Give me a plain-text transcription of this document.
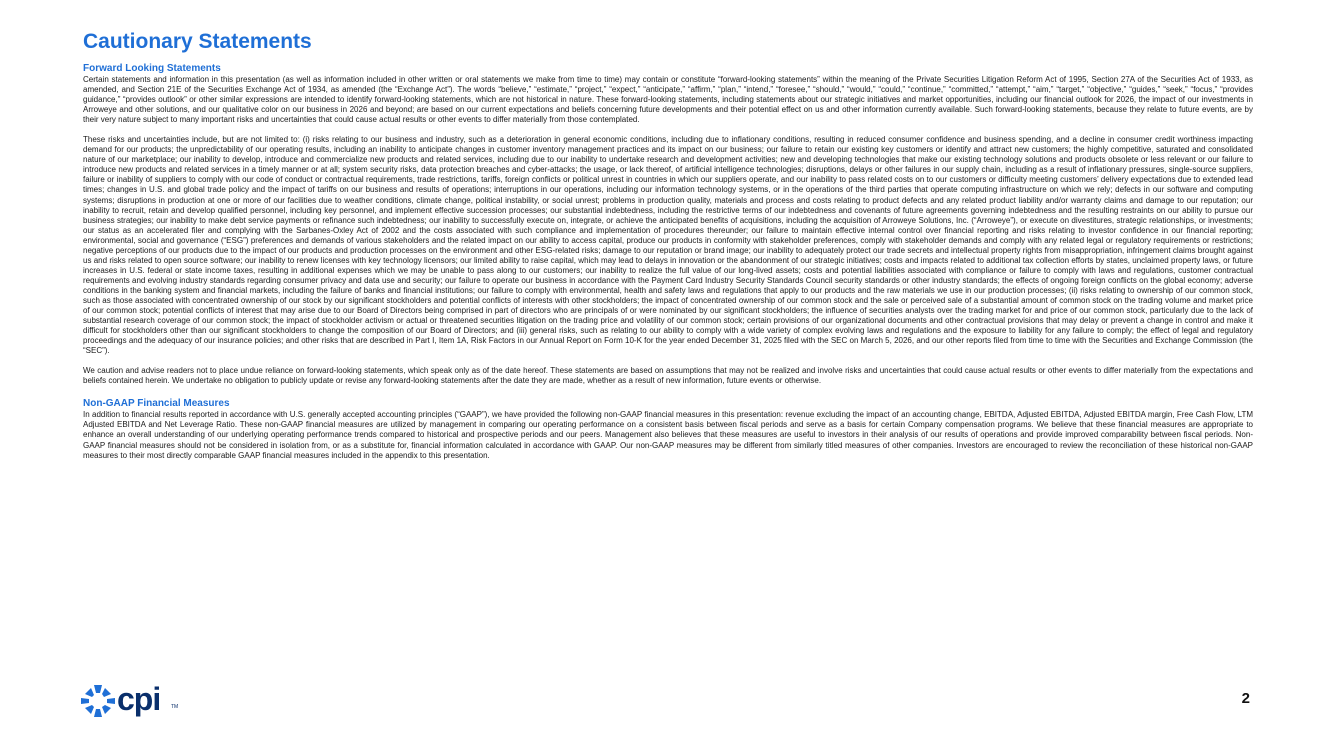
Cautionary Statements

Forward Looking Statements

Certain statements and information in this presentation (as well as information included in other written or oral statements we make from time to time) may contain or constitute “forward-looking statements” within the meaning of the Private Securities Litigation Reform Act of 1995, Section 27A of the Securities Act of 1933, as amended, and Section 21E of the Securities Exchange Act of 1934, as amended (the “Exchange Act”). The words “believe,” “estimate,” “project,” “expect,” “anticipate,” “affirm,” “plan,” “intend,” “foresee,” “should,” “would,” “could,” “continue,” “committed,” “attempt,” “aim,” “target,” “objective,” “guides,” “seek,” “focus,” “provides guidance,” “provides outlook” or other similar expressions are intended to identify forward-looking statements, which are not historical in nature. These forward-looking statements, including statements about our strategic initiatives and market opportunities, including our financial outlook for 2026, the impact of our investments in Arroweye and other solutions, and our qualitative color on our business in 2026 and beyond; are based on our current expectations and beliefs concerning future developments and their potential effect on us and other information currently available. Such forward-looking statements, because they relate to future events, are by their very nature subject to many important risks and uncertainties that could cause actual results or other events to differ materially from those contemplated.

These risks and uncertainties include, but are not limited to: (i) risks relating to our business and industry, such as a deterioration in general economic conditions, including due to inflationary conditions, resulting in reduced consumer confidence and business spending, and a decline in consumer credit worthiness impacting demand for our products; the unpredictability of our operating results, including an inability to anticipate changes in customer inventory management practices and its impact on our business; our failure to retain our existing key customers or identify and attract new customers; the highly competitive, saturated and consolidated nature of our marketplace; our inability to develop, introduce and commercialize new products and related services, including due to our inability to undertake research and development activities; new and developing technologies that make our existing technology solutions and products obsolete or less relevant or our failure to introduce new products and related services in a timely manner or at all; system security risks, data protection breaches and cyber-attacks; the usage, or lack thereof, of artificial intelligence technologies; disruptions, delays or other failures in our supply chain, including as a result of inflationary pressures, single-source suppliers, failure or inability of suppliers to comply with our code of conduct or contractual requirements, trade restrictions, tariffs, foreign conflicts or political unrest in countries in which our suppliers operate, and our inability to pass related costs on to our customers or difficulty meeting customers’ delivery expectations due to extended lead times; changes in U.S. and global trade policy and the impact of tariffs on our business and results of operations; interruptions in our operations, including our information technology systems, or in the operations of the third parties that operate computing infrastructure on which we rely; defects in our software and computing systems; disruptions in production at one or more of our facilities due to weather conditions, climate change, political instability, or social unrest; problems in production quality, materials and process and costs relating to product defects and any related product liability and/or warranty claims and damage to our reputation; our inability to recruit, retain and develop qualified personnel, including key personnel, and implement effective succession processes; our substantial indebtedness, including the restrictive terms of our indebtedness and covenants of future agreements governing indebtedness and the resulting restraints on our ability to pursue our business strategies; our inability to make debt service payments or refinance such indebtedness; our inability to successfully execute on, integrate, or achieve the anticipated benefits of acquisitions, including the acquisition of Arroweye Solutions, Inc. (“Arroweye”), or execute on divestitures, strategic relationships, or investments; our status as an accelerated filer and complying with the Sarbanes-Oxley Act of 2002 and the costs associated with such compliance and implementation of procedures thereunder; our failure to maintain effective internal control over financial reporting and risks relating to investor confidence in our financial reporting; environmental, social and governance (“ESG”) preferences and demands of various stakeholders and the related impact on our ability to access capital, produce our products in conformity with stakeholder preferences, comply with stakeholder demands and comply with any related legal or regulatory requirements or restrictions; negative perceptions of our products due to the impact of our products and production processes on the environment and other ESG-related risks; damage to our reputation or brand image; our inability to adequately protect our trade secrets and intellectual property rights from misappropriation, infringement claims brought against us and risks related to open source software; our inability to renew licenses with key technology licensors; our limited ability to raise capital, which may lead to delays in innovation or the abandonment of our strategic initiatives; costs and impacts related to additional tax collection efforts by states, unclaimed property laws, or future increases in U.S. federal or state income taxes, resulting in additional expenses which we may be unable to pass along to our customers; our inability to realize the full value of our long-lived assets; costs and potential liabilities associated with compliance or failure to comply with laws and regulations, customer contractual requirements and evolving industry standards regarding consumer privacy and data use and security; our failure to operate our business in accordance with the Payment Card Industry Security Standards Council security standards or other industry standards; the effects of ongoing foreign conflicts on the global economy; adverse conditions in the banking system and financial markets, including the failure of banks and financial institutions; our failure to comply with environmental, health and safety laws and regulations that apply to our products and the raw materials we use in our production processes; (ii) risks relating to ownership of our common stock, such as those associated with concentrated ownership of our stock by our significant stockholders and potential conflicts of interests with other stockholders; the impact of concentrated ownership of our common stock and the sale or perceived sale of a substantial amount of common stock on the trading volume and market price of our common stock; potential conflicts of interest that may arise due to our Board of Directors being comprised in part of directors who are principals of or were nominated by our significant stockholders; the influence of securities analysts over the trading market for and price of our common stock, particularly due to the lack of substantial research coverage of our common stock; the impact of stockholder activism or actual or threatened securities litigation on the trading price and volatility of our common stock; certain provisions of our organizational documents and other contractual provisions that may delay or prevent a change in control and make it difficult for stockholders other than our significant stockholders to change the composition of our Board of Directors; and (iii) general risks, such as relating to our ability to comply with a wide variety of complex evolving laws and regulations and the exposure to liability for any failure to comply; the effect of legal and regulatory proceedings and the adequacy of our insurance policies; and other risks that are described in Part I, Item 1A, Risk Factors in our Annual Report on Form 10-K for the year ended December 31, 2025 filed with the SEC on March 5, 2026, and our other reports filed from time to time with the Securities and Exchange Commission (the “SEC”).

We caution and advise readers not to place undue reliance on forward-looking statements, which speak only as of the date hereof. These statements are based on assumptions that may not be realized and involve risks and uncertainties that could cause actual results or other events to differ materially from the expectations and beliefs contained herein. We undertake no obligation to publicly update or revise any forward-looking statements after the date they are made, whether as a result of new information, future events or otherwise.

Non-GAAP Financial Measures

In addition to financial results reported in accordance with U.S. generally accepted accounting principles (“GAAP”), we have provided the following non-GAAP financial measures in this presentation: revenue excluding the impact of an accounting change, EBITDA, Adjusted EBITDA, Adjusted EBITDA margin, Free Cash Flow, LTM Adjusted EBITDA and Net Leverage Ratio. These non-GAAP financial measures are utilized by management in comparing our operating performance on a consistent basis between fiscal periods and serve as a basis for certain Company compensation programs. We believe that these financial measures are appropriate to enhance an overall understanding of our underlying operating performance trends compared to historical and prospective periods and our peers. Management also believes that these measures are useful to investors in their analysis of our results of operations and provide improved comparability between fiscal periods. Non-GAAP financial measures should not be considered in isolation from, or as a substitute for, financial information calculated in accordance with GAAP. Our non-GAAP measures may be different from similarly titled measures of other companies. Investors are encouraged to review the reconciliation of these historical non-GAAP measures to their most directly comparable GAAP financial measures included in the appendix to this presentation.

cpi TM	2
